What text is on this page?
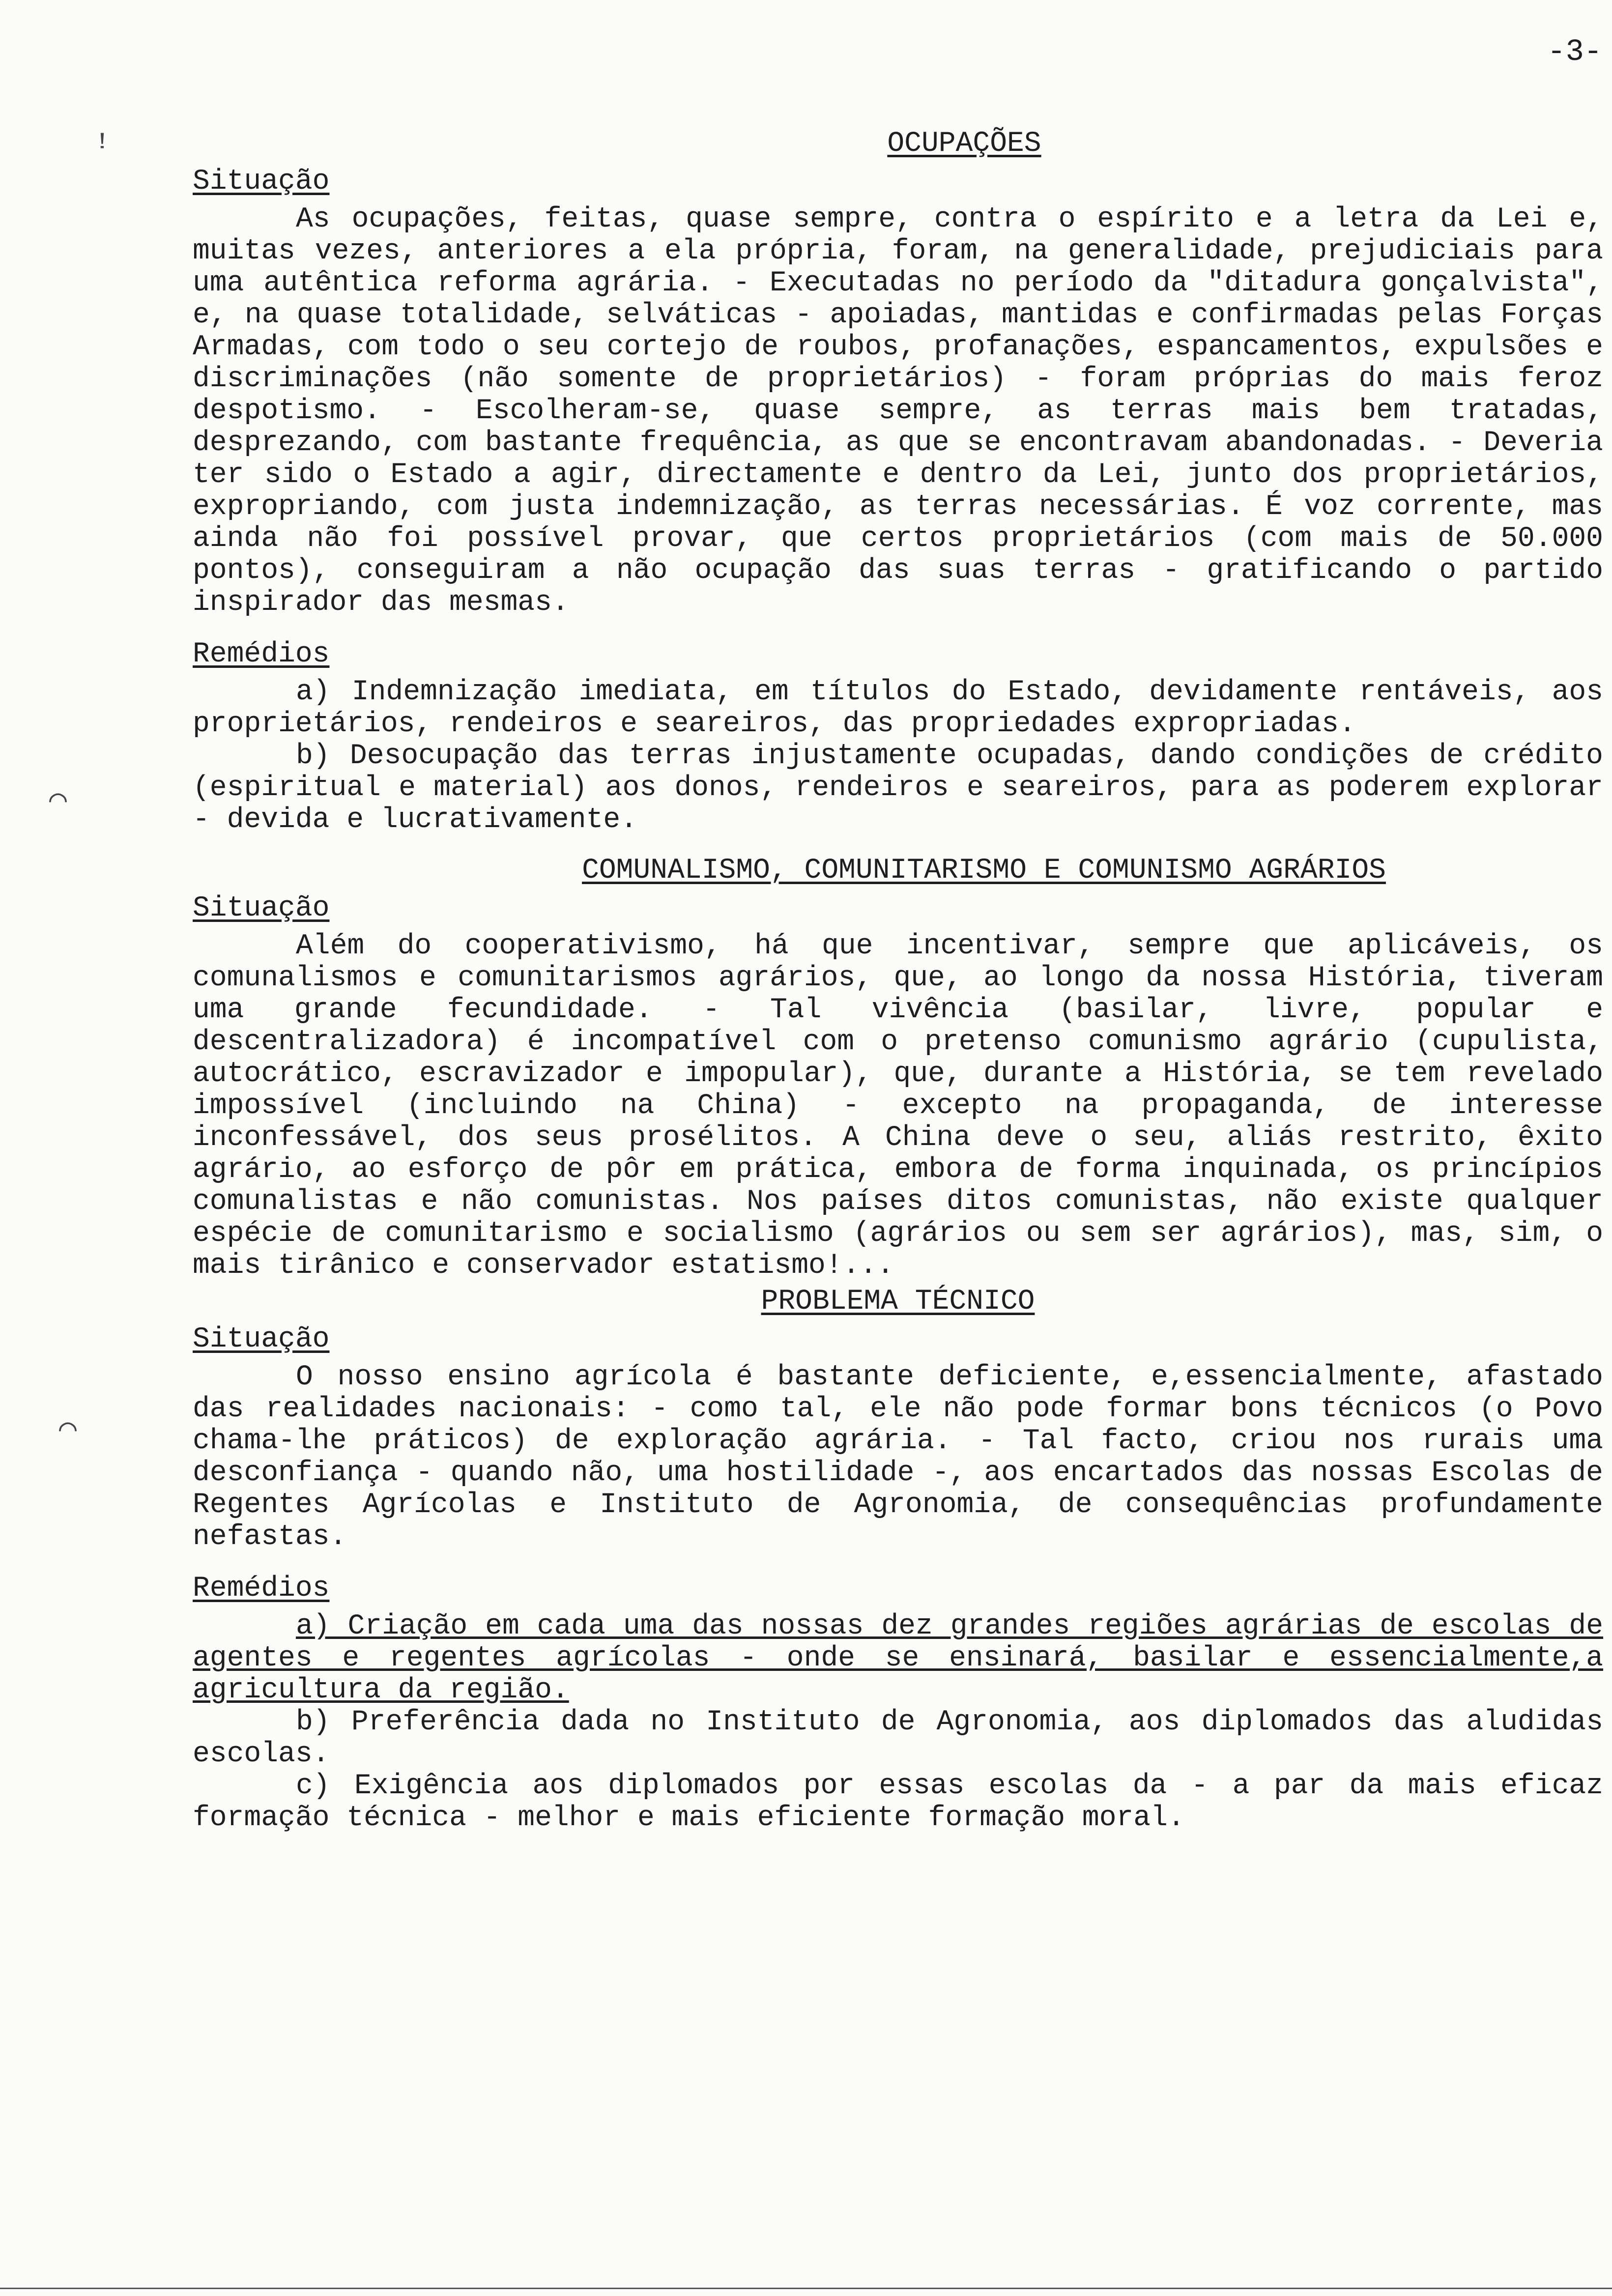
-3-
ꜝ
⌒
⌒
OCUPAÇÕES
Situação

As ocupações, feitas, quase sempre, contra o espírito e a letra da Lei e, muitas vezes, anteriores a ela própria, foram, na generalidade, prejudiciais para uma autêntica reforma agrária. - Executadas no período da "ditadura gonçalvista", e, na quase totalidade, selváticas - apoiadas, mantidas e confirmadas pelas Forças Armadas, com todo o seu cortejo de roubos, profanações, espancamentos, expulsões e discriminações (não somente de proprietários) - foram próprias do mais feroz despotismo. - Escolheram-se, quase sempre, as terras mais bem tratadas, desprezando, com bastante frequência, as que se encontravam abandonadas. - Deveria ter sido o Estado a agir, directamente e dentro da Lei, junto dos proprietários, expropriando, com justa indemnização, as terras necessárias. É voz corrente, mas ainda não foi possível provar, que certos proprietários (com mais de 50.000 pontos), conseguiram a não ocupação das suas terras - gratificando o partido inspirador das mesmas.

Remédios

a) Indemnização imediata, em títulos do Estado, devidamente rentáveis, aos proprietários, rendeiros e seareiros, das propriedades expropriadas.

b) Desocupação das terras injustamente ocupadas, dando condições de crédito (espiritual e material) aos donos, rendeiros e seareiros, para as poderem explorar - devida e lucrativamente.

COMUNALISMO, COMUNITARISMO E COMUNISMO AGRÁRIOS
Situação

Além do cooperativismo, há que incentivar, sempre que aplicáveis, os comunalismos e comunitarismos agrários, que, ao longo da nossa História, tiveram uma grande fecundidade. - Tal vivência (basilar, livre, popular e descentralizadora) é incompatível com o pretenso comunismo agrário (cupulista, autocrático, escravizador e impopular), que, durante a História, se tem revelado impossível (incluindo na China) - excepto na propaganda, de interesse inconfessável, dos seus prosélitos. A China deve o seu, aliás restrito, êxito agrário, ao esforço de pôr em prática, embora de forma inquinada, os princípios comunalistas e não comunistas. Nos países ditos comunistas, não existe qualquer espécie de comunitarismo e socialismo (agrários ou sem ser agrários), mas, sim, o mais tirânico e conservador estatismo!...

PROBLEMA TÉCNICO
Situação

O nosso ensino agrícola é bastante deficiente, e,essencialmente, afastado das realidades nacionais: - como tal, ele não pode formar bons técnicos (o Povo chama-lhe práticos) de exploração agrária. - Tal facto, criou nos rurais uma desconfiança - quando não, uma hostilidade -, aos encartados das nossas Escolas de Regentes Agrícolas e Instituto de Agronomia, de consequências profundamente nefastas.

Remédios

a) Criação em cada uma das nossas dez grandes regiões agrárias de escolas de agentes e regentes agrícolas - onde se ensinará, basilar e essencialmente,a agricultura da região.

b) Preferência dada no Instituto de Agronomia, aos diplomados das aludidas escolas.

c) Exigência aos diplomados por essas escolas da - a par da mais eficaz formação técnica - melhor e mais eficiente formação moral.
